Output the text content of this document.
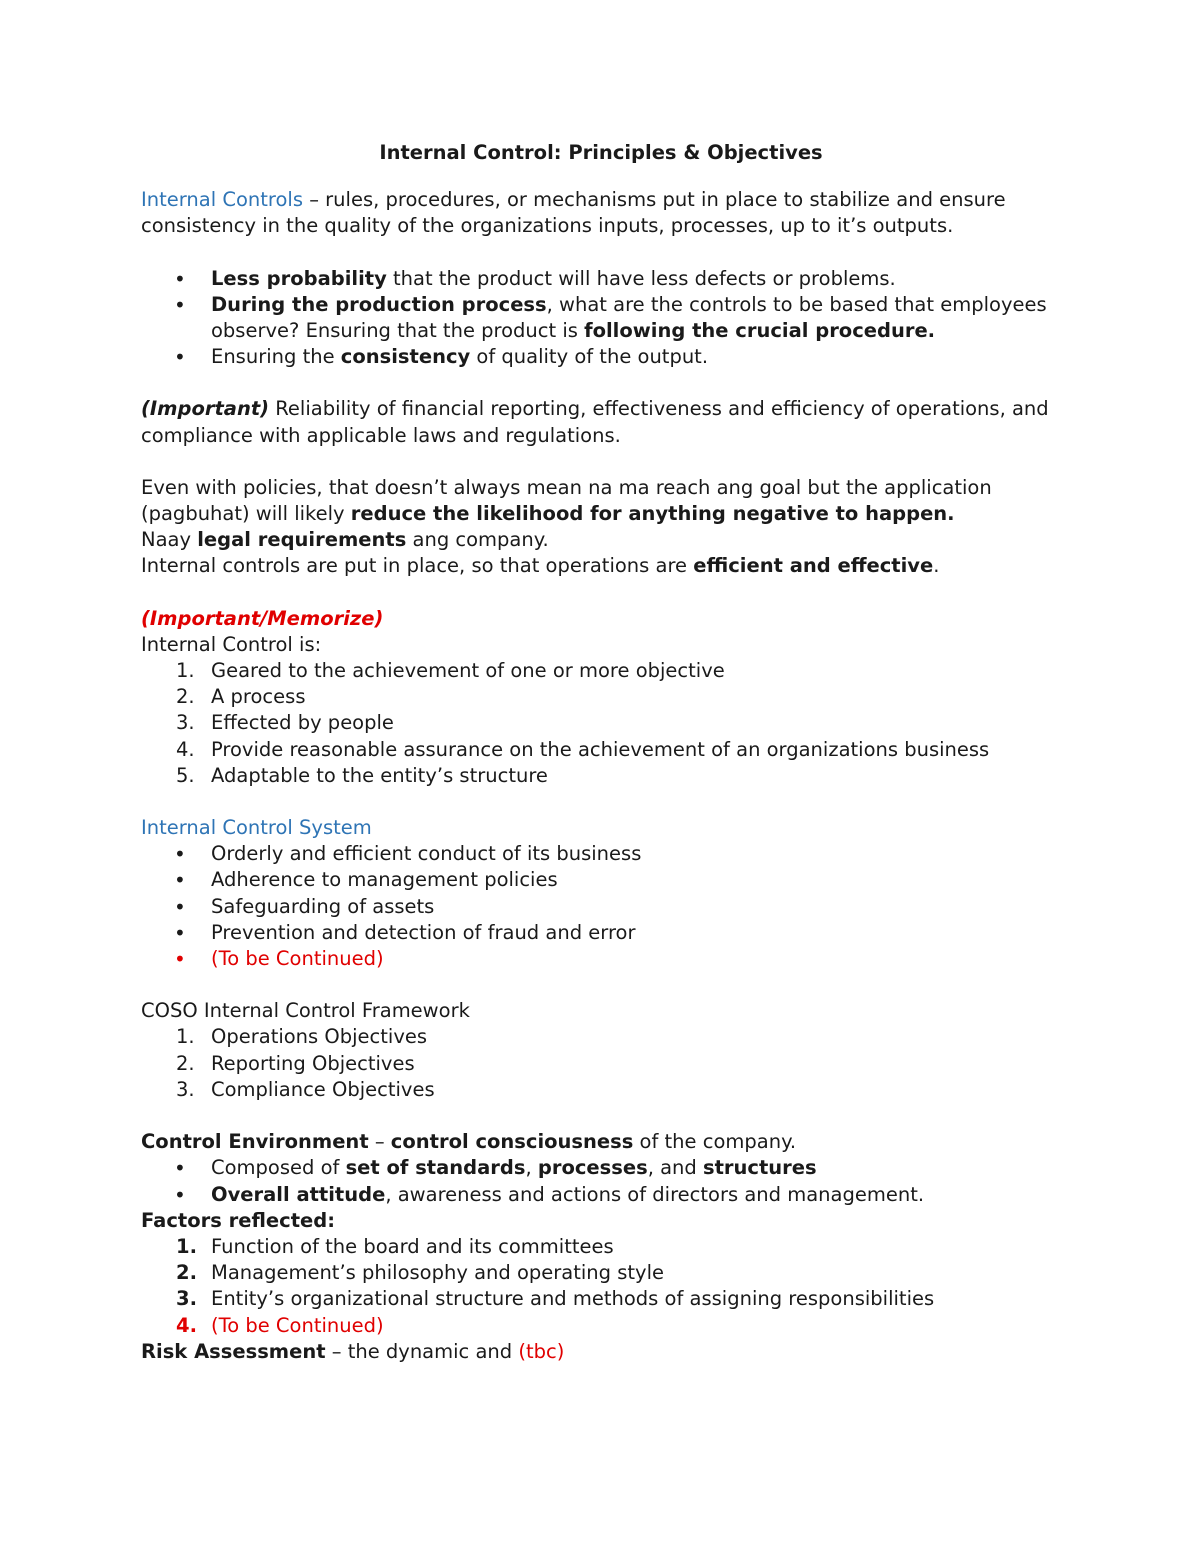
Internal Control: Principles & Objectives

Internal Controls – rules, procedures, or mechanisms put in place to stabilize and ensure consistency in the quality of the organizations inputs, processes, up to it’s outputs.

• Less probability that the product will have less defects or problems.
• During the production process, what are the controls to be based that employees observe? Ensuring that the product is following the crucial procedure.
• Ensuring the consistency of quality of the output.

(Important) Reliability of financial reporting, effectiveness and efficiency of operations, and compliance with applicable laws and regulations.

Even with policies, that doesn’t always mean na ma reach ang goal but the application (pagbuhat) will likely reduce the likelihood for anything negative to happen.

Naay legal requirements ang company.

Internal controls are put in place, so that operations are efficient and effective.

(Important/Memorize)

Internal Control is:

1. Geared to the achievement of one or more objective
2. A process
3. Effected by people
4. Provide reasonable assurance on the achievement of an organizations business
5. Adaptable to the entity’s structure

Internal Control System

• Orderly and efficient conduct of its business
• Adherence to management policies
• Safeguarding of assets
• Prevention and detection of fraud and error
• (To be Continued)

COSO Internal Control Framework

1. Operations Objectives
2. Reporting Objectives
3. Compliance Objectives

Control Environment – control consciousness of the company.

• Composed of set of standards, processes, and structures
• Overall attitude, awareness and actions of directors and management.

Factors reflected:

1. Function of the board and its committees
2. Management’s philosophy and operating style
3. Entity’s organizational structure and methods of assigning responsibilities
4. (To be Continued)

Risk Assessment – the dynamic and (tbc)
